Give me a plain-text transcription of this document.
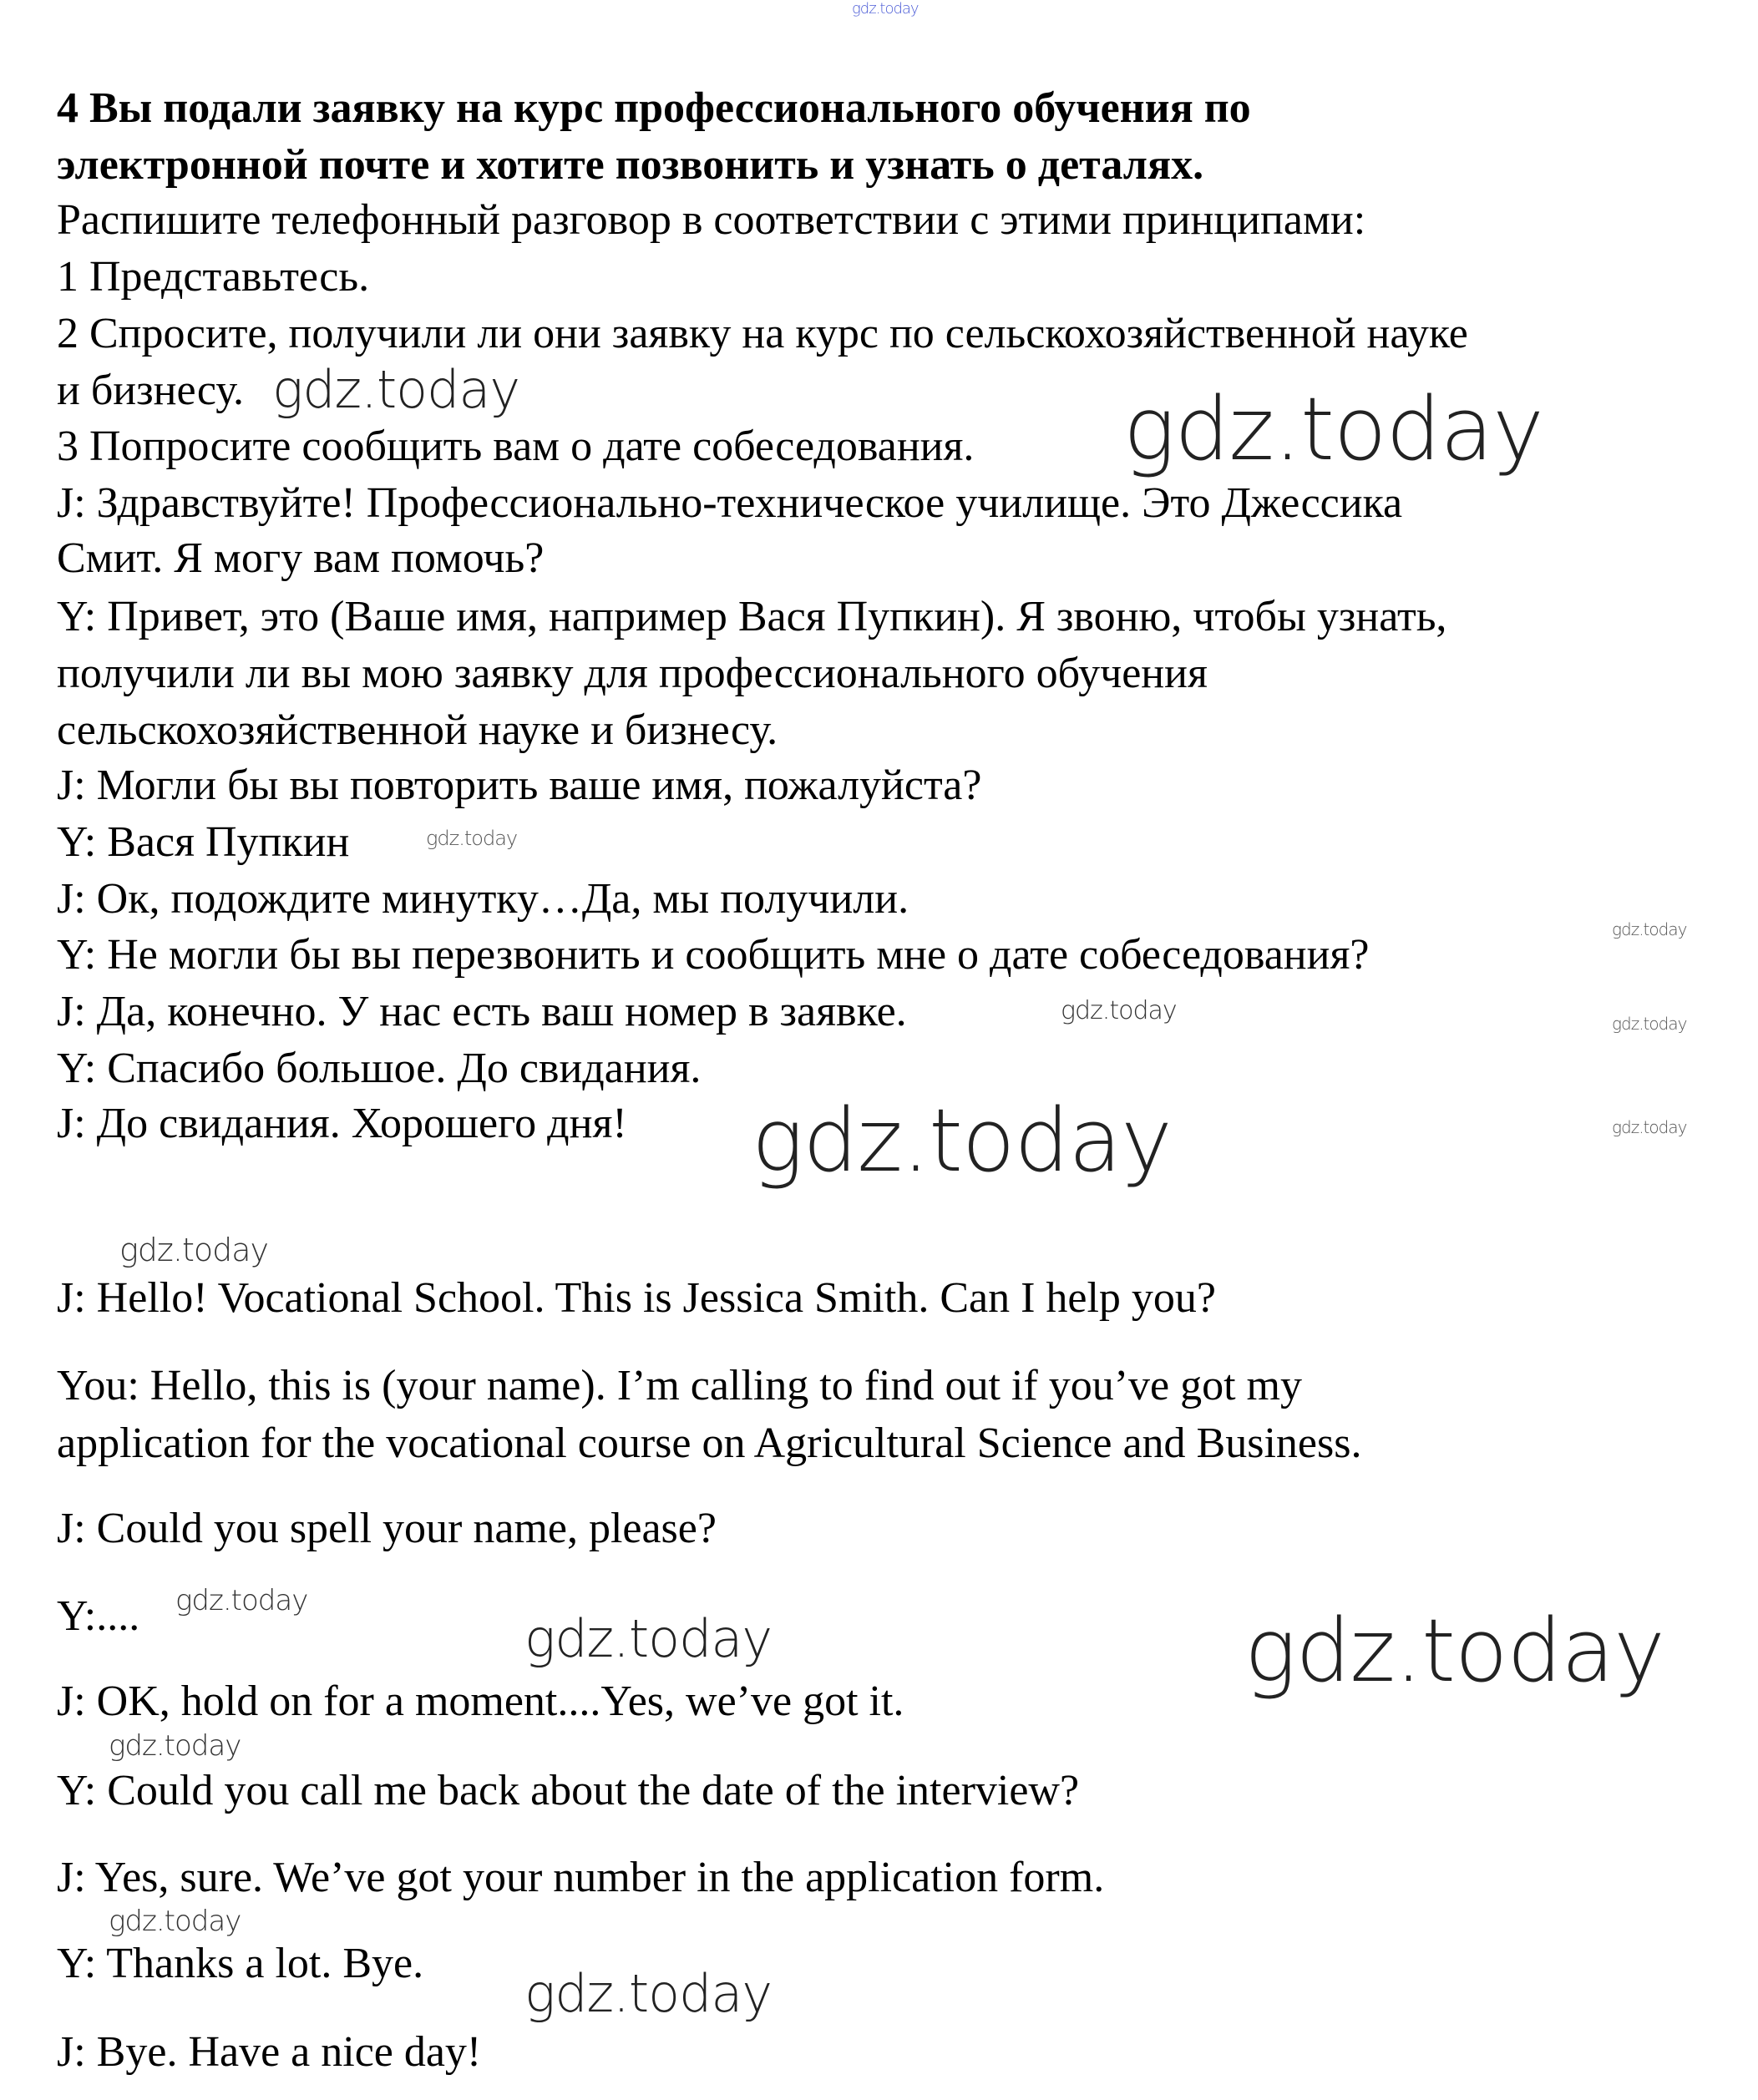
gdz.today
4 Вы подали заявку на курс профессионального обучения по
электронной почте и хотите позвонить и узнать о деталях.
Распишите телефонный разговор в соответствии с этими принципами:
1 Представьтесь.
2 Спросите, получили ли они заявку на курс по сельскохозяйственной науке
и бизнесу.
3 Попросите сообщить вам о дате собеседования.
J: Здравствуйте! Профессионально-техническое училище. Это Джессика
Смит. Я могу вам помочь?
Y: Привет, это (Ваше имя, например Вася Пупкин). Я звоню, чтобы узнать,
получили ли вы мою заявку для профессионального обучения
сельскохозяйственной науке и бизнесу.
J: Могли бы вы повторить ваше имя, пожалуйста?
Y: Вася Пупкин
J: Ок, подождите минутку…Да, мы получили.
Y: Не могли бы вы перезвонить и сообщить мне о дате собеседования?
J: Да, конечно. У нас есть ваш номер в заявке.
Y: Спасибо большое. До свидания.
J: До свидания. Хорошего дня!
J: Hello! Vocational School. This is Jessica Smith. Can I help you?
You: Hello, this is (your name). I’m calling to find out if you’ve got my
application for the vocational course on Agricultural Science and Business.
J: Could you spell your name, please?
Y:....
J: OK, hold on for a moment....Yes, we’ve got it.
Y: Could you call me back about the date of the interview?
J: Yes, sure. We’ve got your number in the application form.
Y: Thanks a lot. Bye.
J: Bye. Have a nice day!
gdz.today	gdz.today
gdz.today
gdz.today
gdz.today	gdz.today
gdz.today	gdz.today
gdz.today
gdz.today
gdz.today	gdz.today
gdz.today
gdz.today
gdz.today
